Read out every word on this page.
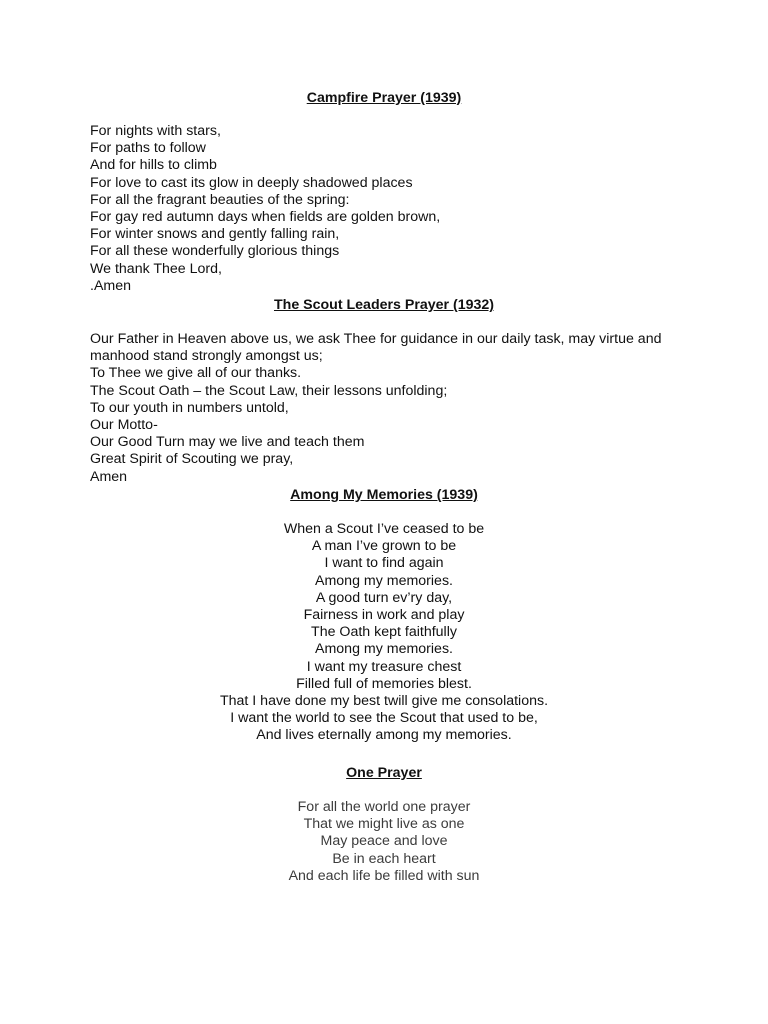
Campfire Prayer (1939)
For nights with stars,
For paths to follow
And for hills to climb
For love to cast its glow in deeply shadowed places
For all the fragrant beauties of the spring:
For gay red autumn days when fields are golden brown,
For winter snows and gently falling rain,
For all these wonderfully glorious things
We thank Thee Lord,
.Amen
The Scout Leaders Prayer (1932)
Our Father in Heaven above us, we ask Thee for guidance in our daily task, may virtue and manhood stand strongly amongst us;
To Thee we give all of our thanks.
The Scout Oath – the Scout Law, their lessons unfolding;
To our youth in numbers untold,
Our Motto-
Our Good Turn may we live and teach them
Great Spirit of Scouting we pray,
Amen
Among My Memories (1939)
When a Scout I’ve ceased to be
A man I’ve grown to be
I want to find again
Among my memories.
A good turn ev’ry day,
Fairness in work and play
The Oath kept faithfully
Among my memories.
I want my treasure chest
Filled full of memories blest.
That I have done my best twill give me consolations.
I want the world to see the Scout that used to be,
And lives eternally among my memories.
One Prayer
For all the world one prayer
That we might live as one
May peace and love
Be in each heart
And each life be filled with sun
